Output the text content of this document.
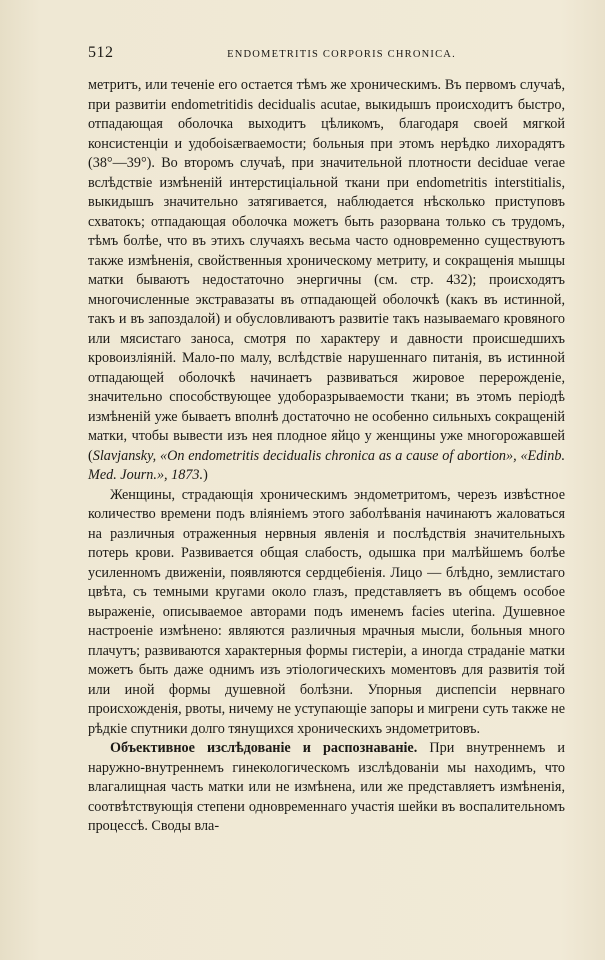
512	ENDOMETRITIS CORPORIS CHRONICA.

метритъ, или теченіе его остается тѣмъ же хроническимъ. Въ первомъ случаѣ, при развитіи endometritidis decidualis acutae, выкидышъ происходитъ быстро, отпадающая оболочка выходитъ цѣликомъ, благодаря своей мягкой консистенціи и удобоisærваемости; больныя при этомъ нерѣдко лихорадятъ (38°—39°). Во второмъ случаѣ, при значительной плотности deciduae verae вслѣдствіе измѣненій интерстиціальной ткани при endometritis interstitialis, выкидышъ значительно затягивается, наблюдается нѣсколько приступовъ схватокъ; отпадающая оболочка можетъ быть разорвана только съ трудомъ, тѣмъ болѣе, что въ этихъ случаяхъ весьма часто одновременно существуютъ также измѣненія, свойственныя хроническому метриту, и сокращенія мышцы матки бываютъ недостаточно энергичны (см. стр. 432); происходятъ многочисленные экстравазаты въ отпадающей оболочкѣ (какъ въ истинной, такъ и въ запоздалой) и обусловливаютъ развитіе такъ называемаго кровяного или мясистаго заноса, смотря по характеру и давности происшедшихъ кровоизліяній. Мало-по малу, вслѣдствіе нарушеннаго питанія, въ истинной отпадающей оболочкѣ начинаетъ развиваться жировое перерожденіе, значительно способствующее удоборазрываемости ткани; въ этомъ періодѣ измѣненій уже бываетъ вполнѣ достаточно не особенно сильныхъ сокращеній матки, чтобы вывести изъ нея плодное яйцо у женщины уже многорожавшей (Slavjansky, «On endometritis decidualis chronica as a cause of abortion», «Edinb. Med. Journ.», 1873.)

Женщины, страдающія хроническимъ эндометритомъ, черезъ извѣстное количество времени подъ вліяніемъ этого заболѣванія начинаютъ жаловаться на различныя отраженныя нервныя явленія и послѣдствія значительныхъ потерь крови. Развивается общая слабость, одышка при малѣйшемъ болѣе усиленномъ движеніи, появляются сердцебіенія. Лицо — блѣдно, землистаго цвѣта, съ темными кругами около глазъ, представляетъ въ общемъ особое выраженіе, описываемое авторами подъ именемъ facies uterina. Душевное настроеніе измѣнено: являются различныя мрачныя мысли, больныя много плачутъ; развиваются характерныя формы гистеріи, а иногда страданіе матки можетъ быть даже однимъ изъ этіологическихъ моментовъ для развитія той или иной формы душевной болѣзни. Упорныя диспепсіи нервнаго происхожденія, рвоты, ничему не уступающіе запоры и мигрени суть также не рѣдкіе спутники долго тянущихся хроническихъ эндометритовъ.

Объективное изслѣдованіе и распознаваніе. При внутреннемъ и наружно-внутреннемъ гинекологическомъ изслѣдованіи мы находимъ, что влагалищная часть матки или не измѣнена, или же представляетъ измѣненія, соотвѣтствующія степени одновременнаго участія шейки въ воспалительномъ процессѣ. Своды вла-
